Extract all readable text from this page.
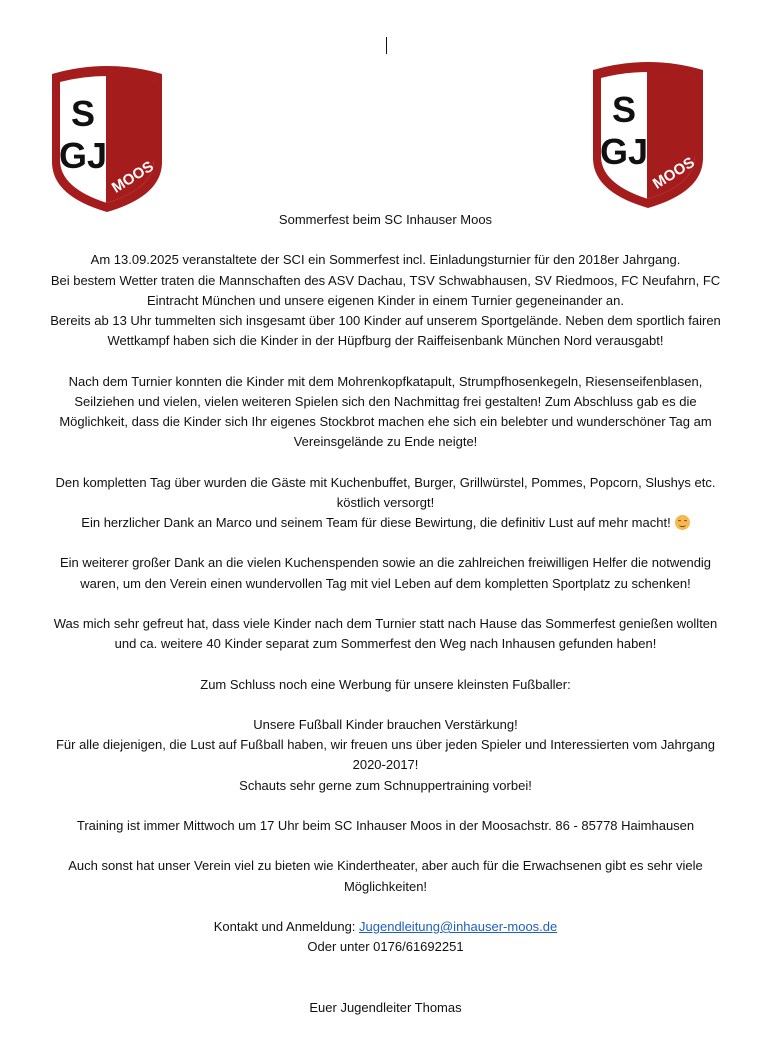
S
GJ
MOOS
S
GJ
MOOS

Sommerfest beim SC Inhauser Moos

Am 13.09.2025 veranstaltete der SCI ein Sommerfest incl. Einladungsturnier für den 2018er Jahrgang.

Bei bestem Wetter traten die Mannschaften des ASV Dachau, TSV Schwabhausen, SV Riedmoos, FC Neufahrn, FC

Eintracht München und unsere eigenen Kinder in einem Turnier gegeneinander an.

Bereits ab 13 Uhr tummelten sich insgesamt über 100 Kinder auf unserem Sportgelände. Neben dem sportlich fairen

Wettkampf haben sich die Kinder in der Hüpfburg der Raiffeisenbank München Nord verausgabt!

Nach dem Turnier konnten die Kinder mit dem Mohrenkopfkatapult, Strumpfhosenkegeln, Riesenseifenblasen,

Seilziehen und vielen, vielen weiteren Spielen sich den Nachmittag frei gestalten! Zum Abschluss gab es die

Möglichkeit, dass die Kinder sich Ihr eigenes Stockbrot machen ehe sich ein belebter und wunderschöner Tag am

Vereinsgelände zu Ende neigte!

Den kompletten Tag über wurden die Gäste mit Kuchenbuffet, Burger, Grillwürstel, Pommes, Popcorn, Slushys etc.

köstlich versorgt!

Ein herzlicher Dank an Marco und seinem Team für diese Bewirtung, die definitiv Lust auf mehr macht!

Ein weiterer großer Dank an die vielen Kuchenspenden sowie an die zahlreichen freiwilligen Helfer die notwendig

waren, um den Verein einen wundervollen Tag mit viel Leben auf dem kompletten Sportplatz zu schenken!

Was mich sehr gefreut hat, dass viele Kinder nach dem Turnier statt nach Hause das Sommerfest genießen wollten

und ca. weitere 40 Kinder separat zum Sommerfest den Weg nach Inhausen gefunden haben!

Zum Schluss noch eine Werbung für unsere kleinsten Fußballer:

Unsere Fußball Kinder brauchen Verstärkung!

Für alle diejenigen, die Lust auf Fußball haben, wir freuen uns über jeden Spieler und Interessierten vom Jahrgang

2020-2017!

Schauts sehr gerne zum Schnuppertraining vorbei!

Training ist immer Mittwoch um 17 Uhr beim SC Inhauser Moos in der Moosachstr. 86 - 85778 Haimhausen

Auch sonst hat unser Verein viel zu bieten wie Kindertheater, aber auch für die Erwachsenen gibt es sehr viele

Möglichkeiten!

Kontakt und Anmeldung: Jugendleitung@inhauser-moos.de

Oder unter 0176/61692251

Euer Jugendleiter Thomas
